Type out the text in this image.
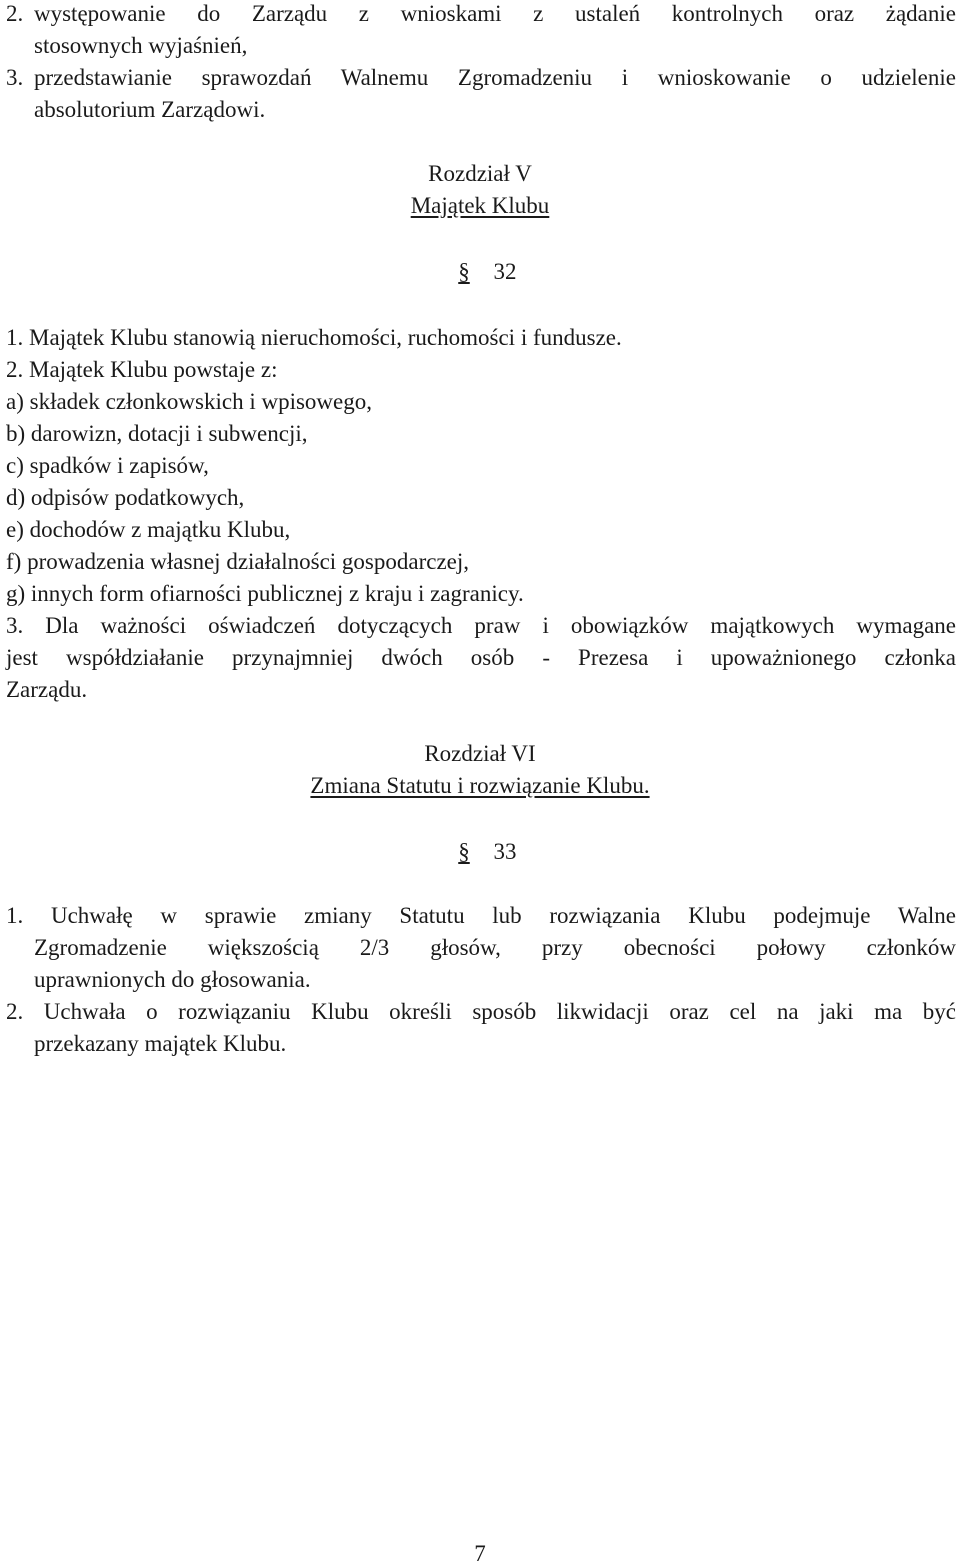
2. występowanie do Zarządu z wnioskami z ustaleń kontrolnych oraz żądanie
stosownych wyjaśnień,
3. przedstawianie sprawozdań Walnemu Zgromadzeniu i wnioskowanie o udzielenie
absolutorium Zarządowi.
Rozdział V
Majątek Klubu
§ 32
1. Majątek Klubu stanowią nieruchomości, ruchomości i fundusze.
2. Majątek Klubu powstaje z:
a) składek członkowskich i wpisowego,
b) darowizn, dotacji i subwencji,
c) spadków i zapisów,
d) odpisów podatkowych,
e) dochodów z majątku Klubu,
f) prowadzenia własnej działalności gospodarczej,
g) innych form ofiarności publicznej z kraju i zagranicy.
3. Dla ważności oświadczeń dotyczących praw i obowiązków majątkowych wymagane
jest współdziałanie przynajmniej dwóch osób - Prezesa i upoważnionego członka
Zarządu.
Rozdział VI
Zmiana Statutu i rozwiązanie Klubu.
§ 33
1. Uchwałę w sprawie zmiany Statutu lub rozwiązania Klubu podejmuje Walne
Zgromadzenie większością 2/3 głosów, przy obecności połowy członków
uprawnionych do głosowania.
2. Uchwała o rozwiązaniu Klubu określi sposób likwidacji oraz cel na jaki ma być
przekazany majątek Klubu.
7
